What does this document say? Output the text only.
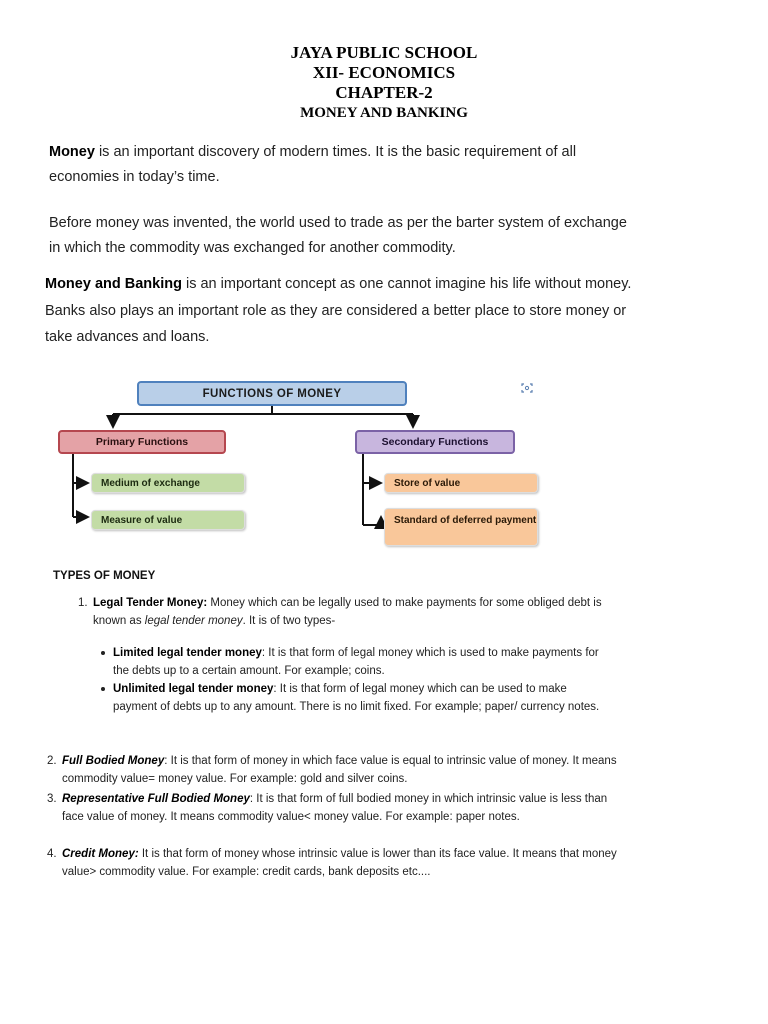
JAYA PUBLIC SCHOOL
XII- ECONOMICS
CHAPTER-2
MONEY AND BANKING
Money is an important discovery of modern times. It is the basic requirement of all economies in today’s time.
Before money was invented, the world used to trade as per the barter system of exchange in which the commodity was exchanged for another commodity.
Money and Banking is an important concept as one cannot imagine his life without money. Banks also plays an important role as they are considered a better place to store money or take advances and loans.
FUNCTIONS OF MONEY
Primary Functions	Secondary Functions
Medium of exchange
Measure of value
Store of value
Standard of deferred payment
TYPES OF MONEY
1. Legal Tender Money: Money which can be legally used to make payments for some obliged debt is known as legal tender money. It is of two types-
Limited legal tender money: It is that form of legal money which is used to make payments for the debts up to a certain amount. For example; coins.
Unlimited legal tender money: It is that form of legal money which can be used to make payment of debts up to any amount. There is no limit fixed. For example; paper/ currency notes.
2. Full Bodied Money: It is that form of money in which face value is equal to intrinsic value of money. It means commodity value= money value. For example: gold and silver coins.
3. Representative Full Bodied Money: It is that form of full bodied money in which intrinsic value is less than face value of money. It means commodity value< money value. For example: paper notes.
4. Credit Money: It is that form of money whose intrinsic value is lower than its face value. It means that money value> commodity value. For example: credit cards, bank deposits etc....
